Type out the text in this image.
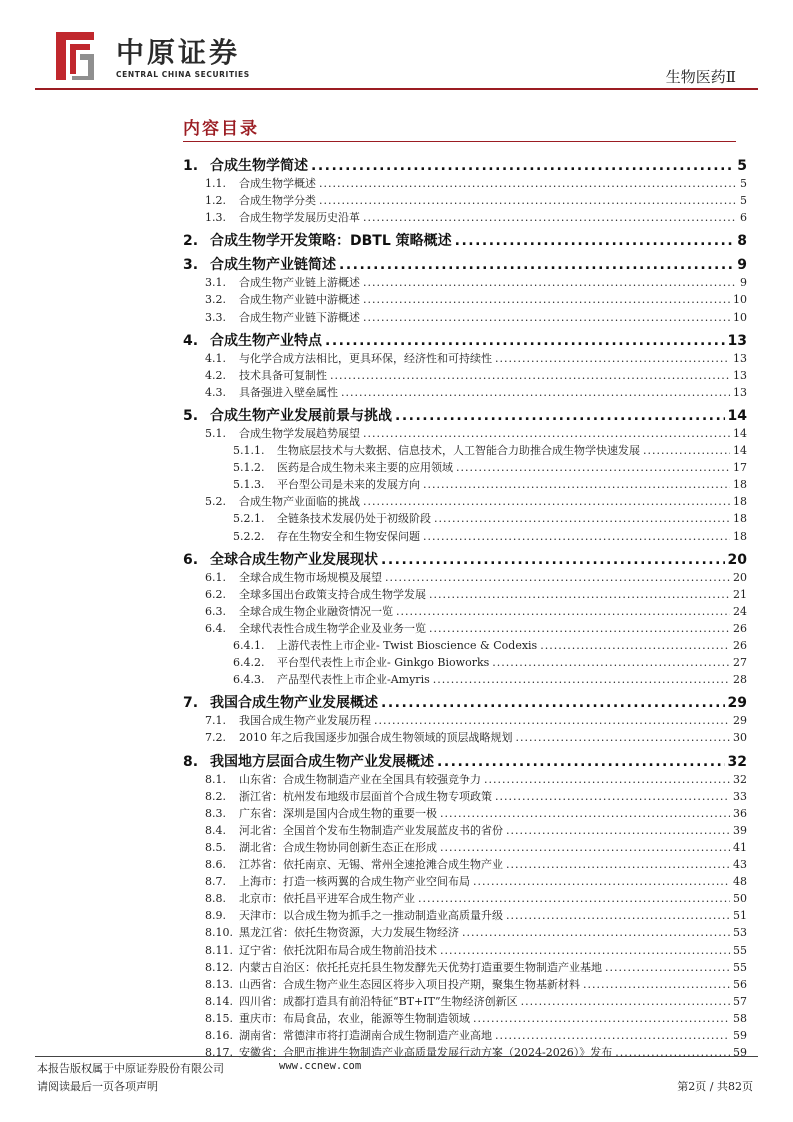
中原证券
CENTRAL CHINA SECURITIES	生物医药Ⅱ
内容目录
1. 合成生物学简述 .....	5
1.1.	合成生物学概述 .....	5
1.2.	合成生物学分类 .....	5
1.3.	合成生物学发展历史沿革 .....	6
2. 合成生物学开发策略：DBTL 策略概述 .....	8
3. 合成生物产业链简述 .....	9
3.1.	合成生物产业链上游概述 .....	9
3.2.	合成生物产业链中游概述 .....	10
3.3.	合成生物产业链下游概述 .....	10
4. 合成生物产业特点 .....	13
4.1.	与化学合成方法相比，更具环保，经济性和可持续性 .....	13
4.2.	技术具备可复制性 .....	13
4.3.	具备强进入壁垒属性 .....	13
5. 合成生物产业发展前景与挑战 .....	14
5.1.	合成生物学发展趋势展望 .....	14
5.1.1.	生物底层技术与大数据、信息技术，人工智能合力助推合成生物学快速发展 .....	14
5.1.2.	医药是合成生物未来主要的应用领域 .....	17
5.1.3.	平台型公司是未来的发展方向 .....	18
5.2.	合成生物产业面临的挑战 .....	18
5.2.1.	全链条技术发展仍处于初级阶段 .....	18
5.2.2.	存在生物安全和生物安保问题 .....	18
6. 全球合成生物产业发展现状 .....	20
6.1.	全球合成生物市场规模及展望 .....	20
6.2.	全球多国出台政策支持合成生物学发展 .....	21
6.3.	全球合成生物企业融资情况一览 .....	24
6.4.	全球代表性合成生物学企业及业务一览 .....	26
6.4.1.	上游代表性上市企业- Twist Bioscience & Codexis .....	26
6.4.2.	平台型代表性上市企业- Ginkgo Bioworks .....	27
6.4.3.	产品型代表性上市企业-Amyris .....	28
7. 我国合成生物产业发展概述 .....	29
7.1.	我国合成生物产业发展历程 .....	29
7.2.	2010 年之后我国逐步加强合成生物领域的顶层战略规划 .....	30
8. 我国地方层面合成生物产业发展概述 .....	32
8.1.	山东省：合成生物制造产业在全国具有较强竞争力 .....	32
8.2.	浙江省：杭州发布地级市层面首个合成生物专项政策 .....	33
8.3.	广东省：深圳是国内合成生物的重要一极 .....	36
8.4.	河北省：全国首个发布生物制造产业发展蓝皮书的省份 .....	39
8.5.	湖北省：合成生物协同创新生态正在形成 .....	41
8.6.	江苏省：依托南京、无锡、常州全速抢滩合成生物产业 .....	43
8.7.	上海市：打造一核两翼的合成生物产业空间布局 .....	48
8.8.	北京市：依托昌平进军合成生物产业 .....	50
8.9.	天津市：以合成生物为抓手之一推动制造业高质量升级 .....	51
8.10. 黑龙江省：依托生物资源，大力发展生物经济 .....	53
8.11. 辽宁省：依托沈阳布局合成生物前沿技术 .....	55
8.12. 内蒙古自治区：依托托克托县生物发酵先天优势打造重要生物制造产业基地 .....	55
8.13. 山西省：合成生物产业生态园区将步入项目投产期，聚集生物基新材料 .....	56
8.14. 四川省：成都打造具有前沿特征“BT+IT”生物经济创新区 .....	57
8.15. 重庆市：布局食品，农业，能源等生物制造领域 .....	58
8.16. 湖南省：常德津市将打造湖南合成生物制造产业高地 .....	59
8.17. 安徽省：合肥市推进生物制造产业高质量发展行动方案（2024-2026）》发布 .....	59
本报告版权属于中原证券股份有限公司	www.ccnew.com
请阅读最后一页各项声明	第2页 / 共82页
